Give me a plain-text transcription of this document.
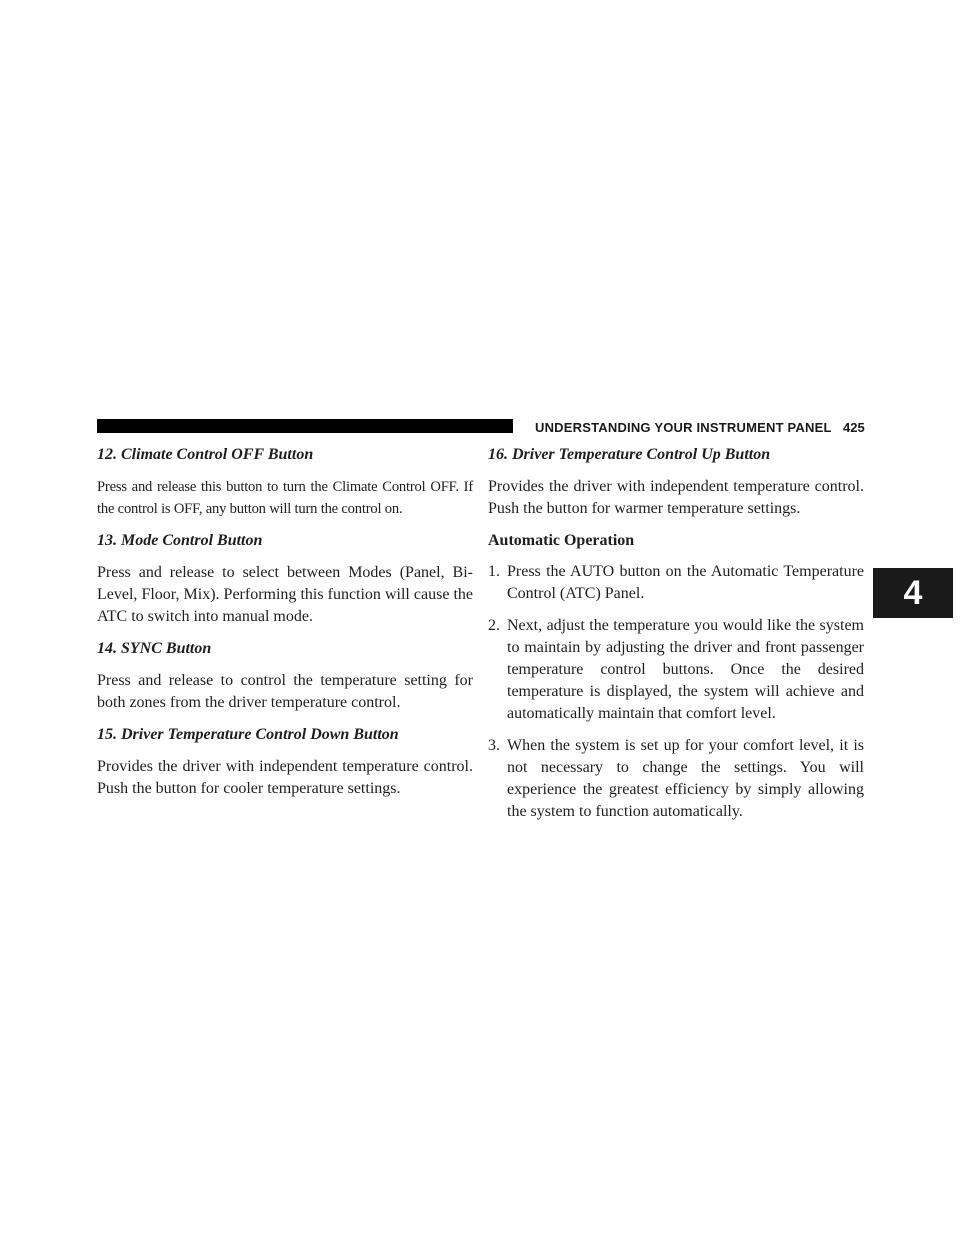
UNDERSTANDING YOUR INSTRUMENT PANEL 425
4
12. Climate Control OFF Button
Press and release this button to turn the Climate Control OFF. If the control is OFF, any button will turn the control on.
13. Mode Control Button
Press and release to select between Modes (Panel, Bi-Level, Floor, Mix). Performing this function will cause the ATC to switch into manual mode.
14. SYNC Button
Press and release to control the temperature setting for both zones from the driver temperature control.
15. Driver Temperature Control Down Button
Provides the driver with independent temperature control. Push the button for cooler temperature settings.
16. Driver Temperature Control Up Button
Provides the driver with independent temperature control. Push the button for warmer temperature settings.
Automatic Operation
1. Press the AUTO button on the Automatic Temperature Control (ATC) Panel.
2. Next, adjust the temperature you would like the system to maintain by adjusting the driver and front passenger temperature control buttons. Once the desired temperature is displayed, the system will achieve and automatically maintain that comfort level.
3. When the system is set up for your comfort level, it is not necessary to change the settings. You will experience the greatest efficiency by simply allowing the system to function automatically.
